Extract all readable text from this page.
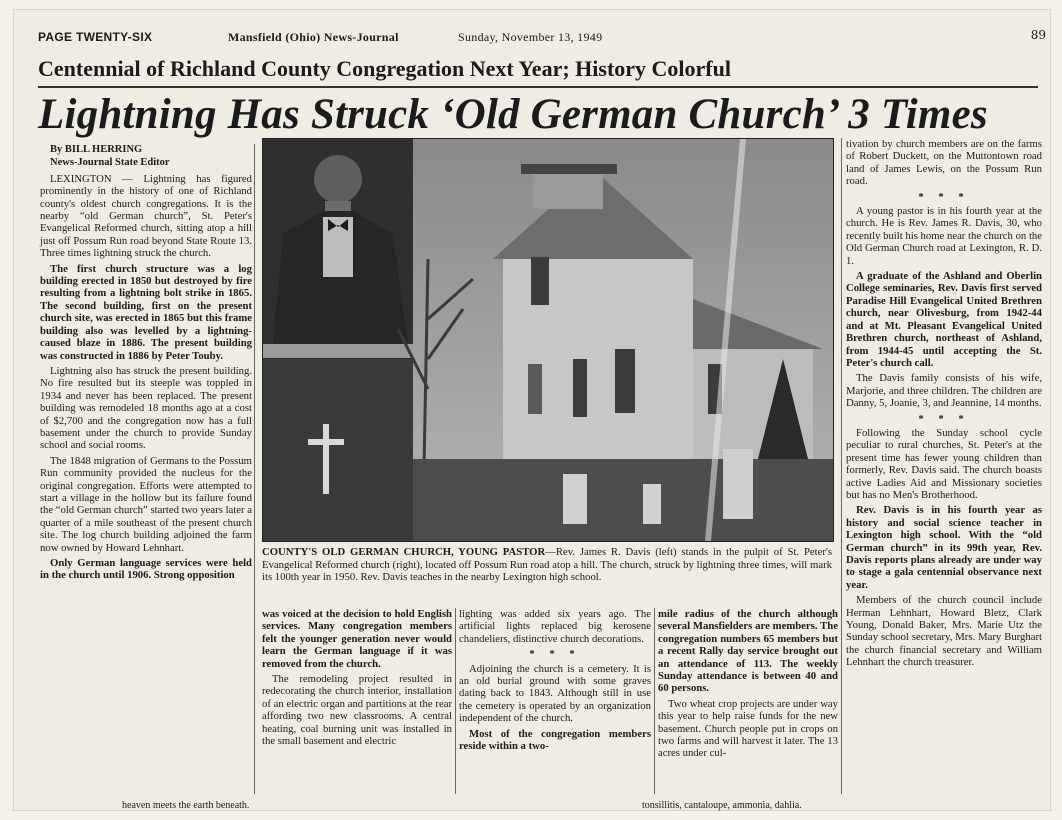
PAGE TWENTY-SIX	Mansfield (Ohio) News-Journal	Sunday, November 13, 1949	89
Centennial of Richland County Congregation Next Year; History Colorful
Lightning Has Struck ‘Old German Church’ 3 Times

By BILL HERRING

News-Journal State Editor

LEXINGTON — Lightning has figured prominently in the history of one of Richland county's oldest church congregations. It is the nearby “old German church”, St. Peter's Evangelical Reformed church, sitting atop a hill just off Possum Run road beyond State Route 13. Three times lightning struck the church.

The first church structure was a log building erected in 1850 but destroyed by fire resulting from a lightning bolt strike in 1865. The second building, first on the present church site, was erected in 1865 but this frame building also was levelled by a lightning-caused blaze in 1886. The present building was constructed in 1886 by Peter Touby.

Lightning also has struck the present building. No fire resulted but its steeple was toppled in 1934 and never has been replaced. The present building was remodeled 18 months ago at a cost of $2,700 and the congregation now has a full basement under the church to provide Sunday school and social rooms.

The 1848 migration of Germans to the Possum Run community provided the nucleus for the original congregation. Efforts were attempted to start a village in the hollow but its failure found the “old German church” started two years later a quarter of a mile southeast of the present church site. The log church building adjoined the farm now owned by Howard Lehnhart.

Only German language services were held in the church until 1906. Strong opposition

COUNTY'S OLD GERMAN CHURCH, YOUNG PASTOR—Rev. James R. Davis (left) stands in the pulpit of St. Peter's Evangelical Reformed church (right), located off Possum Run road atop a hill. The church, struck by lightning three times, will mark its 100th year in 1950. Rev. Davis teaches in the nearby Lexington high school.

was voiced at the decision to hold English services. Many congregation members felt the younger generation never would learn the German language if it was removed from the church.

The remodeling project resulted in redecorating the church interior, installation of an electric organ and partitions at the rear affording two new classrooms. A central heating, coal burning unit was installed in the small basement and electric

lighting was added six years ago. The artificial lights replaced big kerosene chandeliers, distinctive church decorations.

* * *

Adjoining the church is a cemetery. It is an old burial ground with some graves dating back to 1843. Although still in use the cemetery is operated by an organization independent of the church.

Most of the congregation members reside within a two-

mile radius of the church although several Mansfielders are members. The congregation numbers 65 members but a recent Rally day service brought out an attendance of 113. The weekly Sunday attendance is between 40 and 60 persons.

Two wheat crop projects are under way this year to help raise funds for the new basement. Church people put in crops on two farms and will harvest it later. The 13 acres under cul-

tivation by church members are on the farms of Robert Duckett, on the Muttontown road land of James Lewis, on the Possum Run road.

* * *

A young pastor is in his fourth year at the church. He is Rev. James R. Davis, 30, who recently built his home near the church on the Old German Church road at Lexington, R. D. 1.

A graduate of the Ashland and Oberlin College seminaries, Rev. Davis first served Paradise Hill Evangelical United Brethren church, near Olivesburg, from 1942-44 and at Mt. Pleasant Evangelical United Brethren church, northeast of Ashland, from 1944-45 until accepting the St. Peter's church call.

The Davis family consists of his wife, Marjorie, and three children. The children are Danny, 5, Joanie, 3, and Jeannine, 14 months.

* * *

Following the Sunday school cycle peculiar to rural churches, St. Peter's at the present time has fewer young children than formerly, Rev. Davis said. The church boasts active Ladies Aid and Missionary societies but has no Men's Brotherhood.

Rev. Davis is in his fourth year as history and social science teacher in Lexington high school. With the “old German church” in its 99th year, Rev. Davis reports plans already are under way to stage a gala centennial observance next year.

Members of the church council include Herman Lehnhart, Howard Bletz, Clark Young, Donald Baker, Mrs. Marie Utz the Sunday school secretary, Mrs. Mary Burghart the church financial secretary and William Lehnhart the church treasurer.

heaven meets the earth beneath.	tonsillitis, cantaloupe, ammonia, dahlia.
